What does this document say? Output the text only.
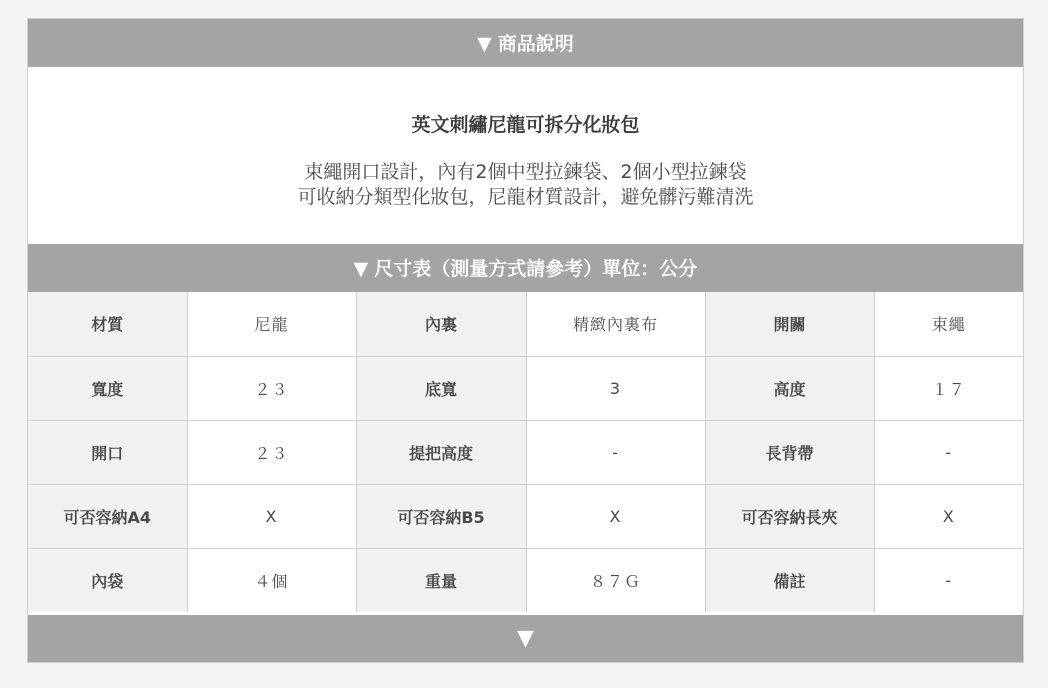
▼ 商品說明
英文刺繡尼龍可拆分化妝包
束繩開口設計，內有2個中型拉鍊袋、2個小型拉鍊袋
可收納分類型化妝包，尼龍材質設計，避免髒污難清洗
▼ 尺寸表（測量方式請參考）單位：公分
材質	尼龍	內裏	精緻內裏布	開關	束繩
寬度	２３	底寬	3	高度	１７
開口	２３	提把高度	-	長背帶	-
可否容納A4	X	可否容納B5	X	可否容納長夾	X
內袋	４個	重量	８７Ｇ	備註	-
▼
